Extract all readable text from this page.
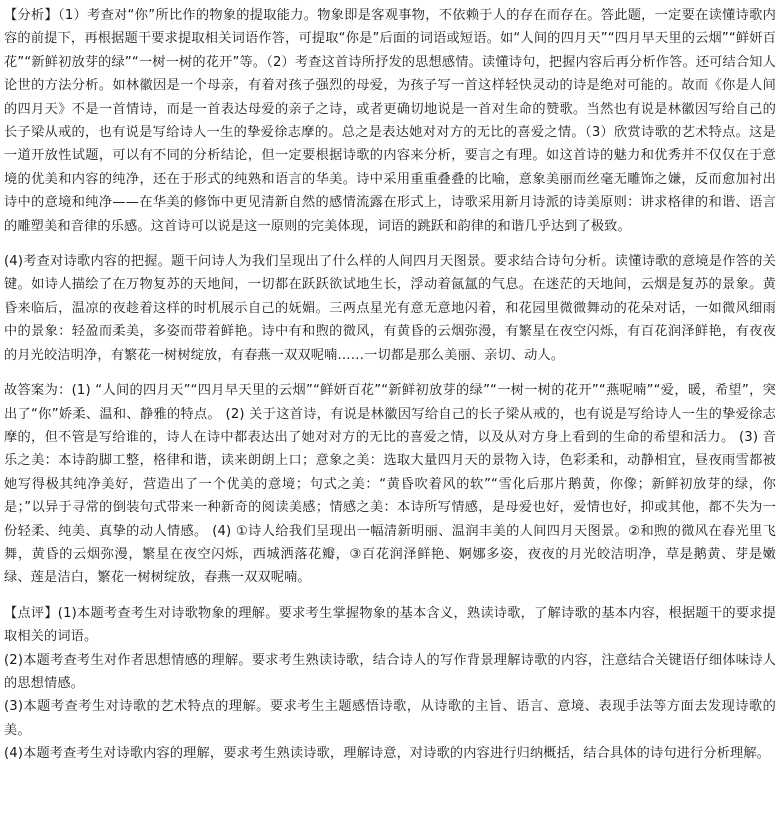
【分析】（1）考查对“你”所比作的物象的提取能力。物象即是客观事物，不依赖于人的存在而存在。答此题，一定要在读懂诗歌内容的前提下，再根据题干要求提取相关词语作答，可提取“你是”后面的词语或短语。如“人间的四月天”“四月早天里的云烟”“鲜妍百花”“新鲜初放芽的绿”“一树一树的花开”等。（2）考查这首诗所抒发的思想感情。读懂诗句，把握内容后再分析作答。还可结合知人论世的方法分析。如林徽因是一个母亲，有着对孩子强烈的母爱，为孩子写一首这样轻快灵动的诗是绝对可能的。故而《你是人间的四月天》不是一首情诗，而是一首表达母爱的亲子之诗，或者更确切地说是一首对生命的赞歌。当然也有说是林徽因写给自己的长子梁从戒的，也有说是写给诗人一生的挚爱徐志摩的。总之是表达她对对方的无比的喜爱之情。（3）欣赏诗歌的艺术特点。这是一道开放性试题，可以有不同的分析结论，但一定要根据诗歌的内容来分析，要言之有理。如这首诗的魅力和优秀并不仅仅在于意境的优美和内容的纯净，还在于形式的纯熟和语言的华美。诗中采用重重叠叠的比喻，意象美丽而丝毫无雕饰之嫌，反而愈加衬出诗中的意境和纯净——在华美的修饰中更见清新自然的感情流露在形式上，诗歌采用新月诗派的诗美原则：讲求格律的和谐、语言的雕塑美和音律的乐感。这首诗可以说是这一原则的完美体现，词语的跳跃和韵律的和谐几乎达到了极致。

(4)考查对诗歌内容的把握。题干问诗人为我们呈现出了什么样的人间四月天图景。要求结合诗句分析。读懂诗歌的意境是作答的关键。如诗人描绘了在万物复苏的天地间，一切都在跃跃欲试地生长，浮动着氤氲的气息。在迷茫的天地间，云烟是复苏的景象。黄昏来临后，温凉的夜趁着这样的时机展示自己的妩媚。三两点星光有意无意地闪着，和花园里微微舞动的花朵对话，一如微风细雨中的景象：轻盈而柔美，多姿而带着鲜艳。诗中有和煦的微风，有黄昏的云烟弥漫，有繁星在夜空闪烁，有百花润泽鲜艳，有夜夜的月光皎洁明净，有繁花一树树绽放，有春燕一双双呢喃……一切都是那么美丽、亲切、动人。

故答案为：(1) “人间的四月天”“四月早天里的云烟”“鲜妍百花”“新鲜初放芽的绿”“一树一树的花开”“燕呢喃”“爱，暖，希望”，突出了“你”娇柔、温和、静雅的特点。 (2) 关于这首诗，有说是林徽因写给自己的长子梁从戒的，也有说是写给诗人一生的挚爱徐志摩的，但不管是写给谁的，诗人在诗中都表达出了她对对方的无比的喜爱之情，以及从对方身上看到的生命的希望和活力。 (3) 音乐之美：本诗韵脚工整，格律和谐，读来朗朗上口；意象之美：选取大量四月天的景物入诗，色彩柔和，动静相宜，昼夜雨雪都被她写得极其纯净美好，营造出了一个优美的意境；句式之美：“黄昏吹着风的软”“雪化后那片鹅黄，你像；新鲜初放芽的绿，你是；”以异于寻常的倒装句式带来一种新奇的阅读美感；情感之美：本诗所写情感，是母爱也好，爱情也好，抑或其他，都不失为一份轻柔、纯美、真挚的动人情感。 (4) ①诗人给我们呈现出一幅清新明丽、温润丰美的人间四月天图景。②和煦的微风在春光里飞舞，黄昏的云烟弥漫，繁星在夜空闪烁，西城洒落花瓣，③百花润泽鲜艳、婀娜多姿，夜夜的月光皎洁明净，草是鹅黄、芽是嫩绿、莲是洁白，繁花一树树绽放，春燕一双双呢喃。

【点评】(1)本题考查考生对诗歌物象的理解。要求考生掌握物象的基本含义，熟读诗歌，了解诗歌的基本内容，根据题干的要求提取相关的词语。

(2)本题考查考生对作者思想情感的理解。要求考生熟读诗歌，结合诗人的写作背景理解诗歌的内容，注意结合关键语仔细体味诗人的思想情感。

(3)本题考查考生对诗歌的艺术特点的理解。要求考生主题感悟诗歌，从诗歌的主旨、语言、意境、表现手法等方面去发现诗歌的美。

(4)本题考查考生对诗歌内容的理解，要求考生熟读诗歌，理解诗意，对诗歌的内容进行归纳概括，结合具体的诗句进行分析理解。
